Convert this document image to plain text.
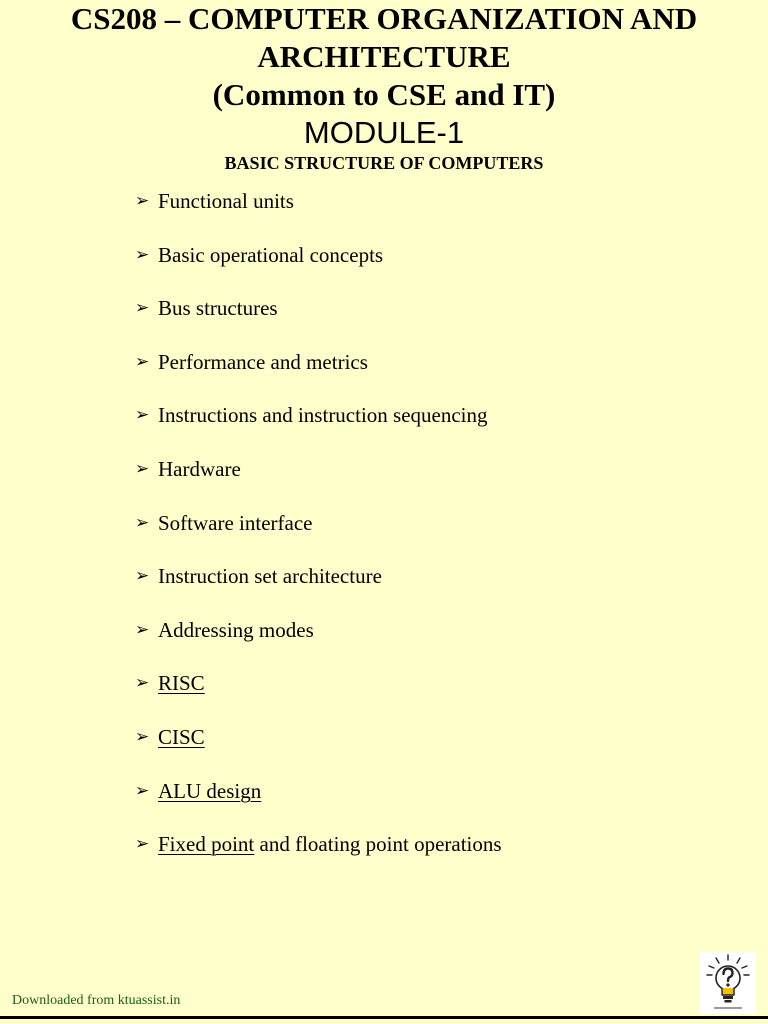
CS208 – COMPUTER ORGANIZATION AND
ARCHITECTURE
(Common to CSE and IT)
MODULE-1
BASIC STRUCTURE OF COMPUTERS
➢ Functional units
➢ Basic operational concepts
➢ Bus structures
➢ Performance and metrics
➢ Instructions and instruction sequencing
➢ Hardware
➢ Software interface
➢ Instruction set architecture
➢ Addressing modes
➢ RISC
➢ CISC
➢ ALU design
➢ Fixed point and floating point operations
Downloaded from ktuassist.in
